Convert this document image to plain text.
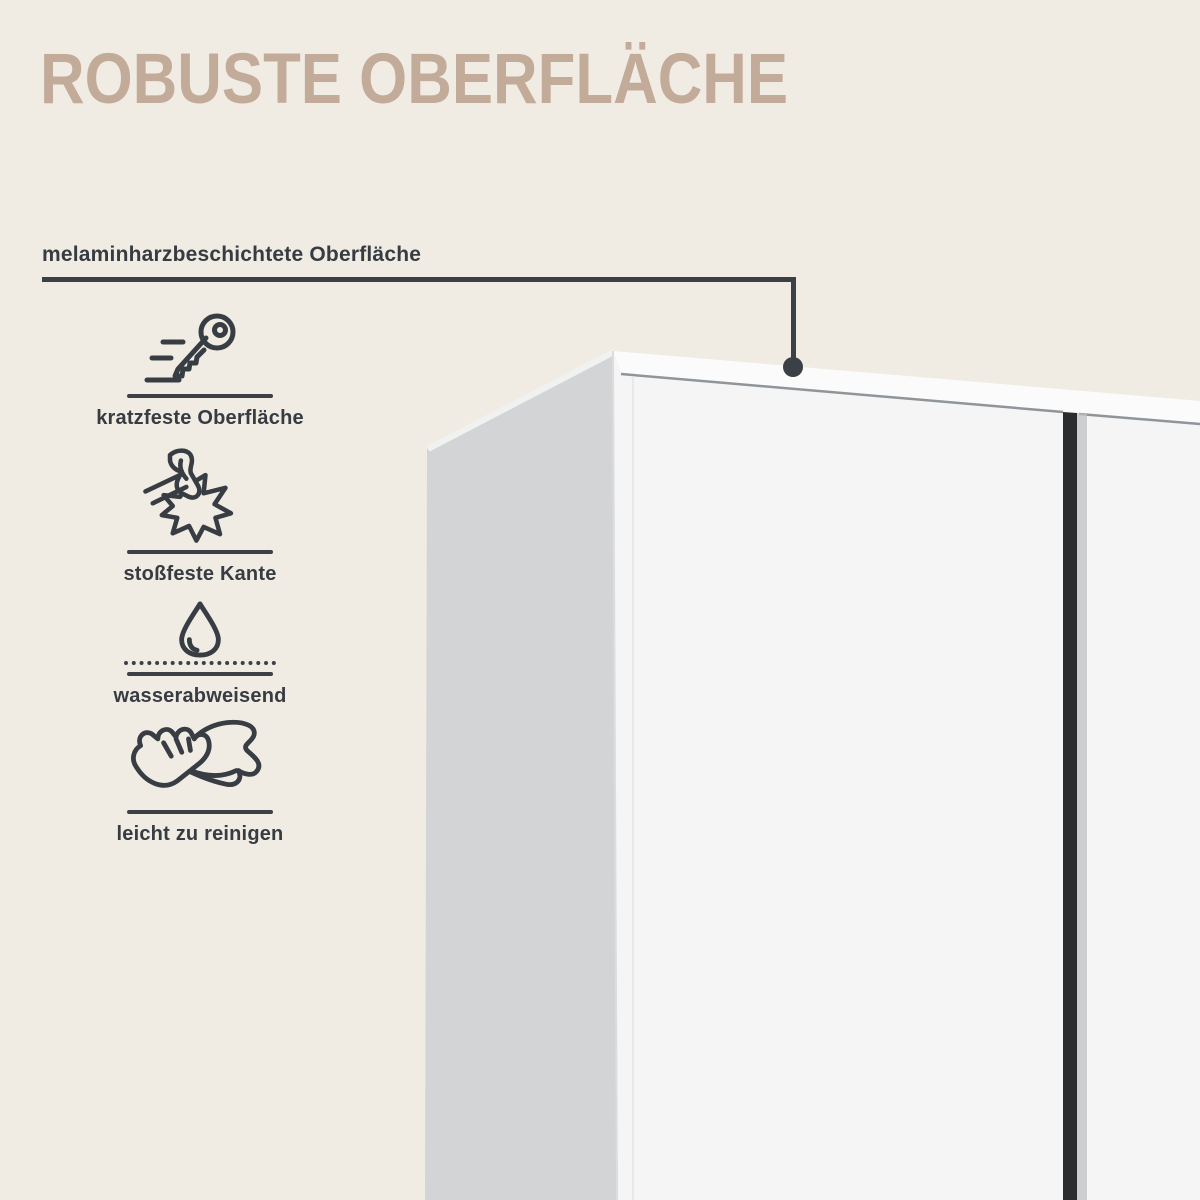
ROBUSTE OBERFLÄCHE
melaminharzbeschichtete Oberfläche
kratzfeste Oberfläche
stoßfeste Kante
wasserabweisend
leicht zu reinigen
